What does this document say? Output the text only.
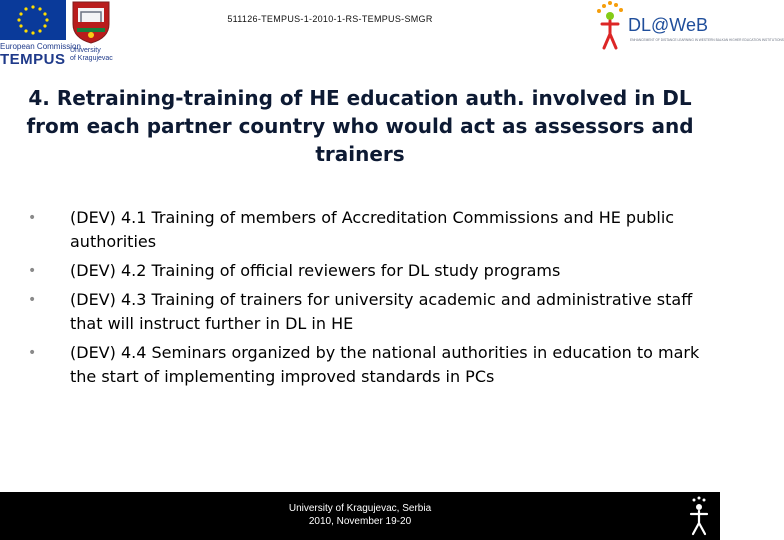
European Commission
TEMPUS
University
of Kragujevac
511126-TEMPUS-1-2010-1-RS-TEMPUS-SMGR	DL@WeB
ENHANCEMENT OF DISTANCE LEARNING IN WESTERN BALKAN HIGHER EDUCATION INSTITUTIONS
4. Retraining-training of HE education auth. involved in DL from each partner country who would act as assessors and trainers
• (DEV) 4.1 Training of members of Accreditation Commissions and HE public authorities
• (DEV) 4.2 Training of official reviewers for DL study programs
• (DEV) 4.3 Training of trainers for university academic and administrative staff that will instruct further in DL in HE
• (DEV) 4.4 Seminars organized by the national authorities in education to mark the start of implementing improved standards in PCs
University of Kragujevac, Serbia
2010, November 19-20
